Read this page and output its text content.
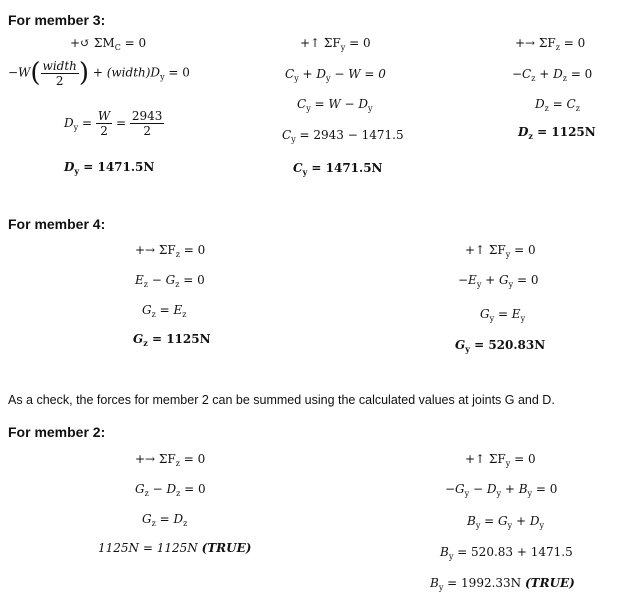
For member 3:
+↺ $\Sigma M_C = 0$
$-W( \frac{\text{width}}{2}$ ) + $(width)D_y = 0$
$D_y = \frac{W}{2} = \frac{2943}{2}$
$D_y = 1471.5N$
+↑ $\Sigma F_y = 0$
$C_y + D_y - W = 0$
$C_y = W - D_y$
$C_y = 2943 - 1471.5$
$C_y = 1471.5N$
+→ $\Sigma F_z = 0$
$-C_z + D_z = 0$
$D_z = C_z$
$D_z = 1125N$
For member 4:
+→ $\Sigma F_z = 0$
$E_z - G_z = 0$
$G_z = E_z$
$G_z = 1125N$
+↑ $\Sigma F_y = 0$
$-E_y + G_y = 0$
$G_y = E_y$
$G_y = 520.83N$
As a check, the forces for member 2 can be summed using the calculated values at joints G and D.
For member 2:
+→ $\Sigma F_z = 0$
$G_z - D_z = 0$
$G_z = D_z$
1125N = 1125N (TRUE)
+↑ $\Sigma F_y = 0$
$-G_y - D_y + B_y = 0$
$B_y = G_y + D_y$
$B_y = 520.83 + 1471.5$
$B_y = 1992.33N$ (TRUE)
